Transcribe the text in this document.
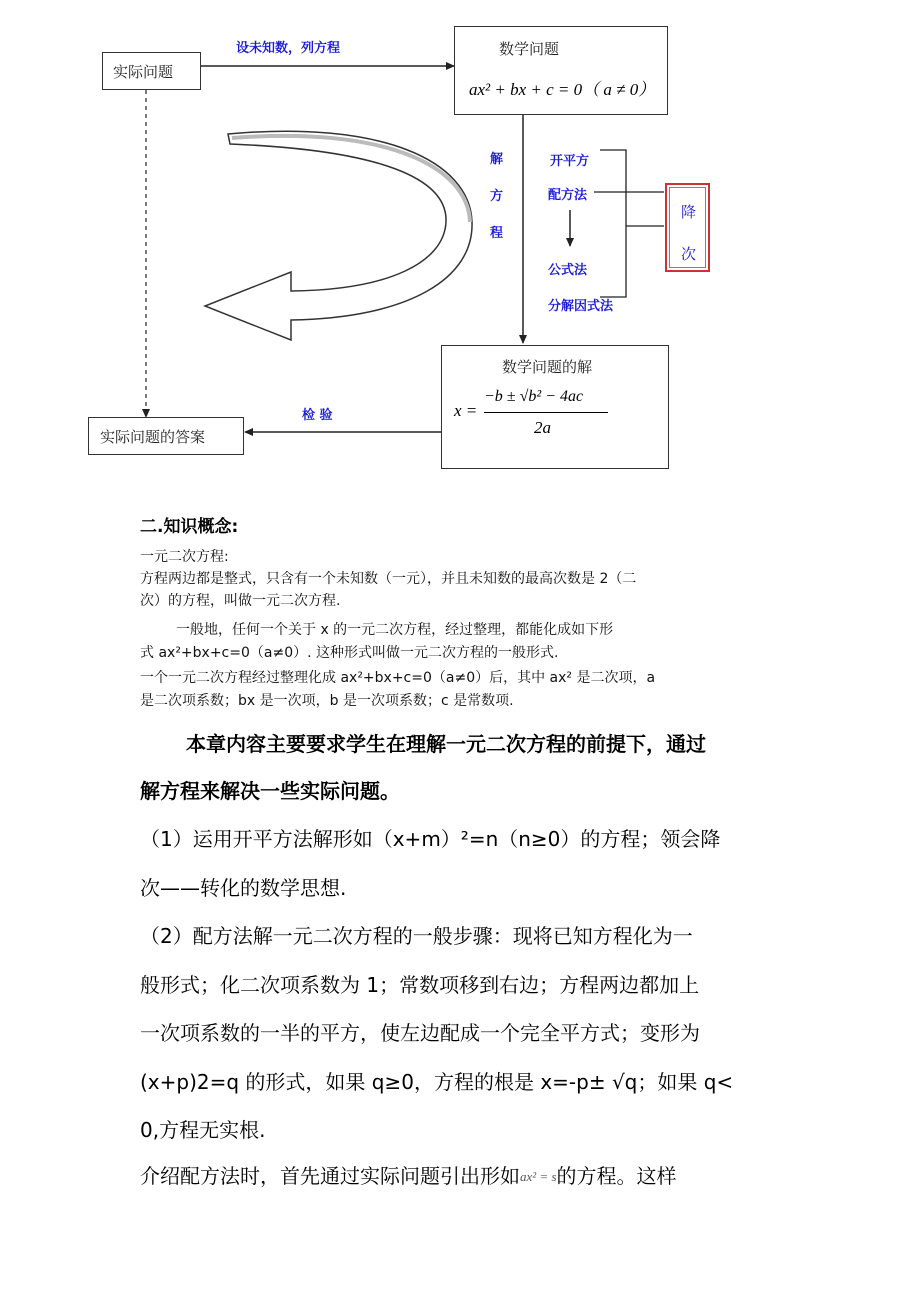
实际问题
设未知数，列方程	数学问题
ax² + bx + c = 0（ a ≠ 0）
解
方
程
开平方
配方法
公式法
分解因式法
降
次
数学问题的解
x =
−b ± √b² − 4ac
2a
检 验
实际问题的答案
二.知识概念:
一元二次方程:
方程两边都是整式，只含有一个未知数（一元），并且未知数的最高次数是 2（二
次）的方程，叫做一元二次方程.
一般地，任何一个关于 x 的一元二次方程，经过整理，都能化成如下形
式 ax²+bx+c=0（a≠0）. 这种形式叫做一元二次方程的一般形式.
一个一元二次方程经过整理化成 ax²+bx+c=0（a≠0）后，其中 ax² 是二次项，a
是二次项系数；bx 是一次项，b 是一次项系数；c 是常数项.
本章内容主要要求学生在理解一元二次方程的前提下，通过
解方程来解决一些实际问题。
（1）运用开平方法解形如（x+m）²=n（n≥0）的方程；领会降
次——转化的数学思想.
（2）配方法解一元二次方程的一般步骤：现将已知方程化为一
般形式；化二次项系数为 1；常数项移到右边；方程两边都加上
一次项系数的一半的平方，使左边配成一个完全平方式；变形为
(x+p)2=q 的形式，如果 q≥0，方程的根是 x=-p± √q；如果 q<
0,方程无实根.
介绍配方法时，首先通过实际问题引出形如ax² = s的方程。这样
